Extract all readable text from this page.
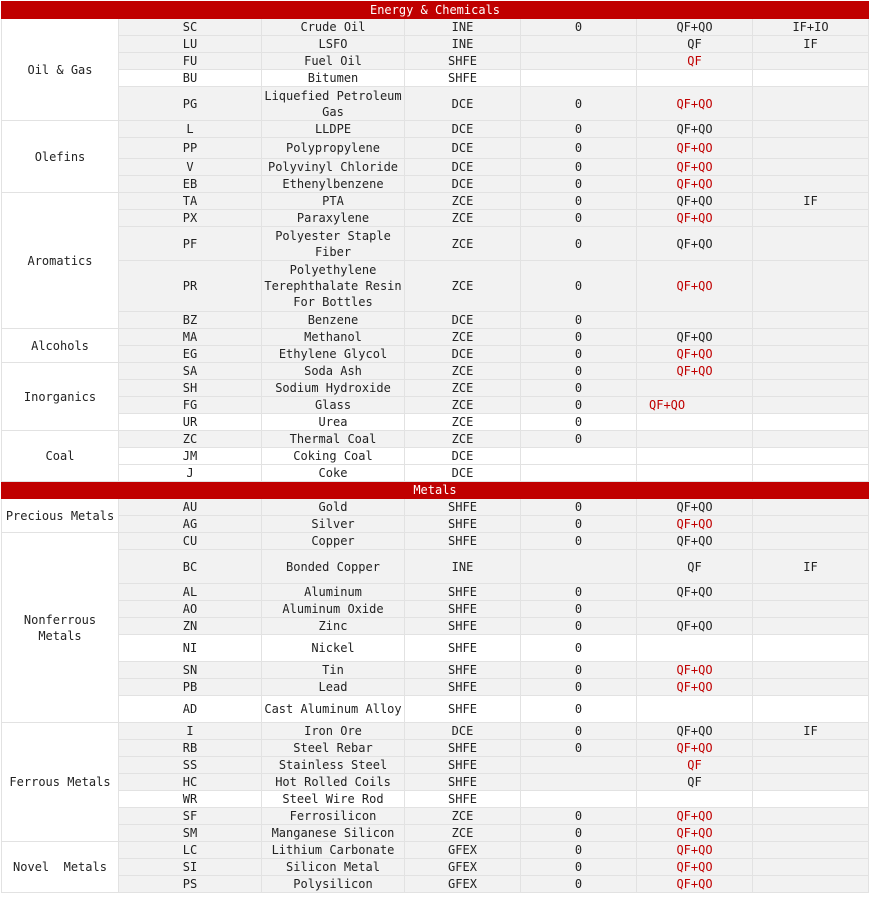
Energy & Chemicals						
Oil & Gas	SC	Crude Oil	INE	0	QF+QO	IF+IO
	LU	LSFO	INE		QF	IF
	FU	Fuel Oil	SHFE		QF	
	BU	Bitumen	SHFE			
	PG	Liquefied Petroleum Gas	DCE	0	QF+QO	
Olefins	L	LLDPE	DCE	0	QF+QO	
	PP	Polypropylene	DCE	0	QF+QO	
	V	Polyvinyl Chloride	DCE	0	QF+QO	
	EB	Ethenylbenzene	DCE	0	QF+QO	
Aromatics	TA	PTA	ZCE	0	QF+QO	IF
	PX	Paraxylene	ZCE	0	QF+QO	
	PF	Polyester Staple Fiber	ZCE	0	QF+QO	
	PR	Polyethylene Terephthalate Resin For Bottles	ZCE	0	QF+QO	
	BZ	Benzene	DCE	0		
Alcohols	MA	Methanol	ZCE	0	QF+QO	
	EG	Ethylene Glycol	DCE	0	QF+QO	
Inorganics	SA	Soda Ash	ZCE	0	QF+QO	
	SH	Sodium Hydroxide	ZCE	0		
	FG	Glass	ZCE	0	QF+QO	
	UR	Urea	ZCE	0		
Coal	ZC	Thermal Coal	ZCE	0		
	JM	Coking Coal	DCE			
	J	Coke	DCE			
Metals						
Precious Metals	AU	Gold	SHFE	0	QF+QO	
	AG	Silver	SHFE	0	QF+QO	
Nonferrous Metals	CU	Copper	SHFE	0	QF+QO	
	BC	Bonded Copper	INE		QF	IF
	AL	Aluminum	SHFE	0	QF+QO	
	AO	Aluminum Oxide	SHFE	0		
	ZN	Zinc	SHFE	0	QF+QO	
	NI	Nickel	SHFE	0		
	SN	Tin	SHFE	0	QF+QO	
	PB	Lead	SHFE	0	QF+QO	
	AD	Cast Aluminum Alloy	SHFE	0		
Ferrous Metals	I	Iron Ore	DCE	0	QF+QO	IF
	RB	Steel Rebar	SHFE	0	QF+QO	
	SS	Stainless Steel	SHFE		QF	
	HC	Hot Rolled Coils	SHFE		QF	
	WR	Steel Wire Rod	SHFE			
	SF	Ferrosilicon	ZCE	0	QF+QO	
	SM	Manganese Silicon	ZCE	0	QF+QO	
Novel  Metals	LC	Lithium Carbonate	GFEX	0	QF+QO	
	SI	Silicon Metal	GFEX	0	QF+QO	
	PS	Polysilicon	GFEX	0	QF+QO	
